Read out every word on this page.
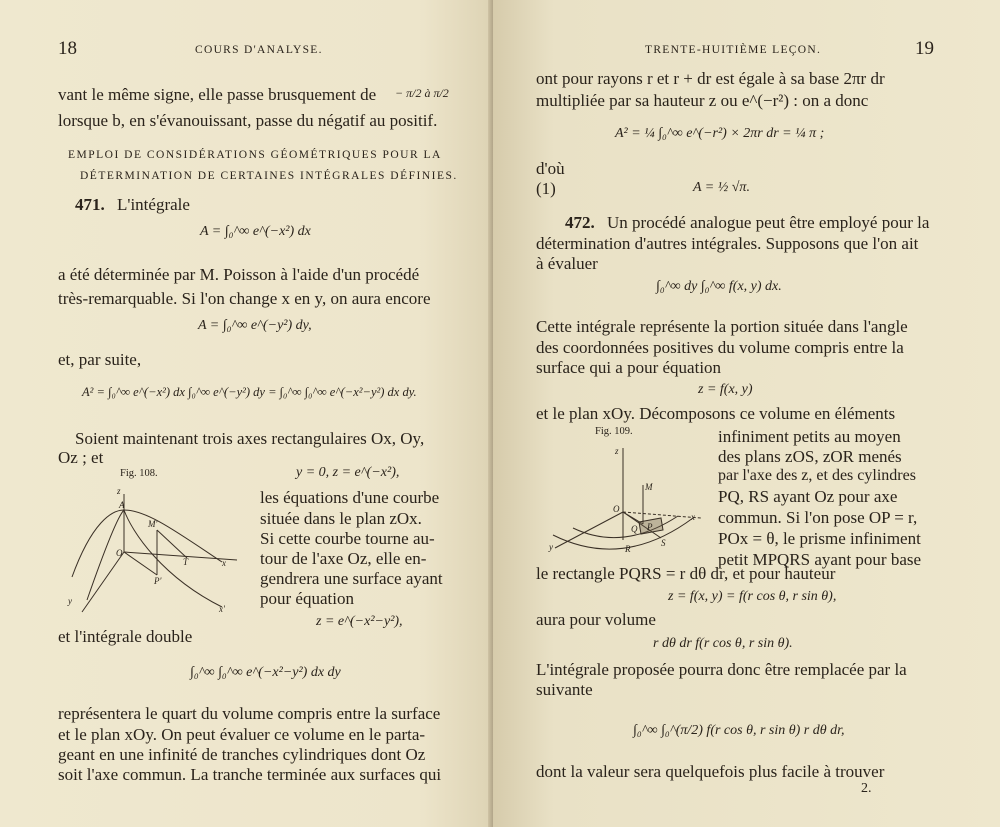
18	COURS D'ANALYSE.
vant le même signe, elle passe brusquement de − π/2 à π/2
lorsque b, en s'évanouissant, passe du négatif au positif.
EMPLOI DE CONSIDÉRATIONS GÉOMÉTRIQUES POUR LA
DÉTERMINATION DE CERTAINES INTÉGRALES DÉFINIES.
471. L'intégrale
A = ∫₀^∞ e^(−x²) dx
a été déterminée par M. Poisson à l'aide d'un procédé
très-remarquable. Si l'on change x en y, on aura encore
A = ∫₀^∞ e^(−y²) dy,
et, par suite,
A² = ∫₀^∞ e^(−x²) dx ∫₀^∞ e^(−y²) dy = ∫₀^∞ ∫₀^∞ e^(−x²−y²) dx dy.
Soient maintenant trois axes rectangulaires Ox, Oy,
Oz ; et
Fig. 108.	y = 0, z = e^(−x²),
z
A
M'
O
T	x
P'
y
x'
les équations d'une courbe
située dans le plan zOx.
Si cette courbe tourne au-
tour de l'axe Oz, elle en-
gendrera une surface ayant
pour équation
z = e^(−x²−y²),
et l'intégrale double
∫₀^∞ ∫₀^∞ e^(−x²−y²) dx dy
représentera le quart du volume compris entre la surface
et le plan xOy. On peut évaluer ce volume en le parta-
geant en une infinité de tranches cylindriques dont Oz
soit l'axe commun. La tranche terminée aux surfaces qui
TRENTE-HUITIÈME LEÇON.	19
ont pour rayons r et r + dr est égale à sa base 2πr dr
multipliée par sa hauteur z ou e^(−r²) : on a donc
A² = ¼ ∫₀^∞ e^(−r²) × 2πr dr = ¼ π ;
d'où
(1)	A = ½ √π.
472. Un procédé analogue peut être employé pour la
détermination d'autres intégrales. Supposons que l'on ait
à évaluer
∫₀^∞ dy ∫₀^∞ f(x, y) dx.
Cette intégrale représente la portion située dans l'angle
des coordonnées positives du volume compris entre la
surface qui a pour équation
z = f(x, y)
et le plan xOy. Décomposons ce volume en éléments
Fig. 109.
z
M
O
Q P
x
y	R
S
infiniment petits au moyen
des plans zOS, zOR menés
par l'axe des z, et des cylindres
PQ, RS ayant Oz pour axe
commun. Si l'on pose OP = r,
POx = θ, le prisme infiniment
petit MPQRS ayant pour base
le rectangle PQRS = r dθ dr, et pour hauteur
z = f(x, y) = f(r cos θ, r sin θ),
aura pour volume
r dθ dr f(r cos θ, r sin θ).
L'intégrale proposée pourra donc être remplacée par la
suivante
∫₀^∞ ∫₀^(π/2) f(r cos θ, r sin θ) r dθ dr,
dont la valeur sera quelquefois plus facile à trouver
2.
